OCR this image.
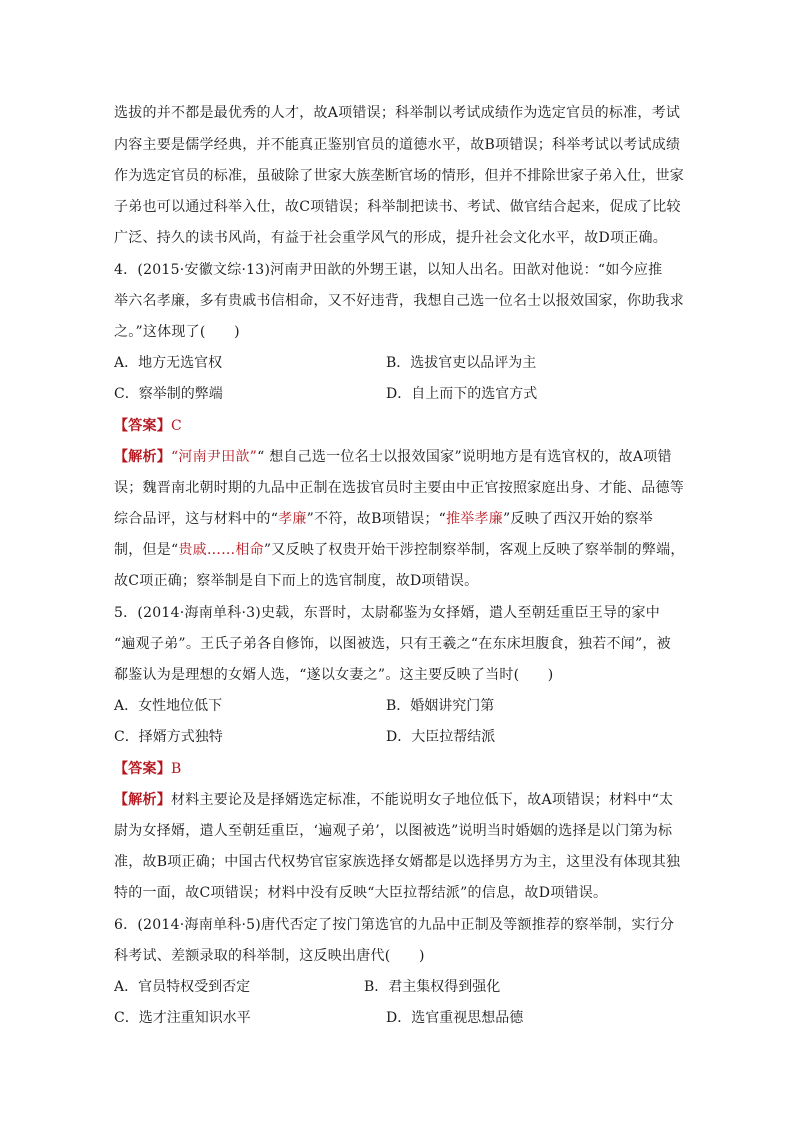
选拔的并不都是最优秀的人才，故A项错误；科举制以考试成绩作为选定官员的标准，考试
内容主要是儒学经典，并不能真正鉴别官员的道德水平，故B项错误；科举考试以考试成绩
作为选定官员的标准，虽破除了世家大族垄断官场的情形，但并不排除世家子弟入仕，世家
子弟也可以通过科举入仕，故C项错误；科举制把读书、考试、做官结合起来，促成了比较
广泛、持久的读书风尚，有益于社会重学风气的形成，提升社会文化水平，故D项正确。
4．(2015·安徽文综·13)河南尹田歆的外甥王谌，以知人出名。田歆对他说：“如今应推
举六名孝廉，多有贵戚书信相命，又不好违背，我想自己选一位名士以报效国家，你助我求
之。”这体现了(　　)
A．地方无选官权	B．选拔官吏以品评为主
C．察举制的弊端	D．自上而下的选官方式
【答案】C
【解析】“河南尹田歆”“ 想自己选一位名士以报效国家”说明地方是有选官权的，故A项错
误；魏晋南北朝时期的九品中正制在选拔官员时主要由中正官按照家庭出身、才能、品德等
综合品评，这与材料中的“孝廉”不符，故B项错误；“推举孝廉”反映了西汉开始的察举
制，但是“贵戚……相命”又反映了权贵开始干涉控制察举制，客观上反映了察举制的弊端，
故C项正确；察举制是自下而上的选官制度，故D项错误。
5．(2014·海南单科·3)史载，东晋时，太尉郗鉴为女择婿，遣人至朝廷重臣王导的家中
“遍观子弟”。王氏子弟各自修饰，以图被选，只有王羲之“在东床坦腹食，独若不闻”，被
郗鉴认为是理想的女婿人选，“遂以女妻之”。这主要反映了当时(　　)
A．女性地位低下	B．婚姻讲究门第
C．择婿方式独特	D．大臣拉帮结派
【答案】B
【解析】材料主要论及是择婿选定标准，不能说明女子地位低下，故A项错误；材料中“太
尉为女择婿，遣人至朝廷重臣，‘遍观子弟’，以图被选”说明当时婚姻的选择是以门第为标
准，故B项正确；中国古代权势官宦家族选择女婿都是以选择男方为主，这里没有体现其独
特的一面，故C项错误；材料中没有反映“大臣拉帮结派”的信息，故D项错误。
6．(2014·海南单科·5)唐代否定了按门第选官的九品中正制及等额推荐的察举制，实行分
科考试、差额录取的科举制，这反映出唐代(　　)
A．官员特权受到否定	B．君主集权得到强化
C．选才注重知识水平	D．选官重视思想品德
